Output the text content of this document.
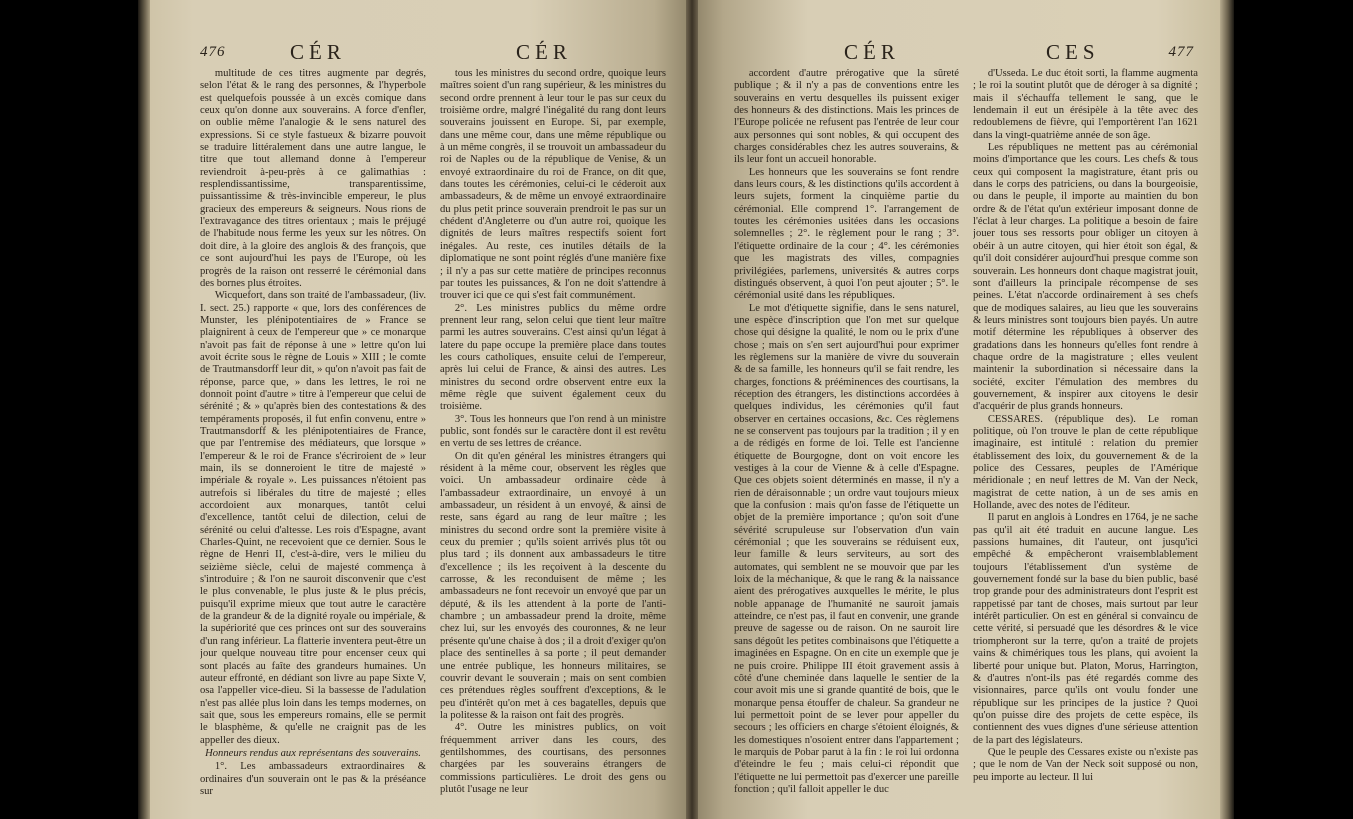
476	CÉR	CÉR

multitude de ces titres augmente par degrés, selon l'état & le rang des personnes, & l'hyperbole est quelquefois poussée à un excès comique dans ceux qu'on donne aux souverains. A force d'enfler, on oublie même l'analogie & le sens naturel des expressions. Si ce style fastueux & bizarre pouvoit se traduire littéralement dans une autre langue, le titre que tout allemand donne à l'empereur reviendroit à-peu-près à ce galimathias : resplendissantissime, transparentissime, puissantissime & très-invincible empereur, le plus gracieux des empereurs & seigneurs. Nous rions de l'extravagance des titres orientaux ; mais le préjugé de l'habitude nous ferme les yeux sur les nôtres. On doit dire, à la gloire des anglois & des françois, que ce sont aujourd'hui les pays de l'Europe, où les progrès de la raison ont resserré le cérémonial dans des bornes plus étroites.

Wicquefort, dans son traité de l'ambassadeur, (liv. I. sect. 25.) rapporte « que, lors des conférences de Munster, les plénipotentiaires de » France se plaignirent à ceux de l'empereur que » ce monarque n'avoit pas fait de réponse à une » lettre qu'on lui avoit écrite sous le règne de Louis » XIII ; le comte de Trautmansdorff leur dit, » qu'on n'avoit pas fait de réponse, parce que, » dans les lettres, le roi ne donnoit point d'autre » titre à l'empereur que celui de sérénité ; & » qu'après bien des contestations & des tempéraments proposés, il fut enfin convenu, entre » Trautmansdorff & les plénipotentiaires de France, que par l'entremise des médiateurs, que lorsque » l'empereur & le roi de France s'écriroient de » leur main, ils se donneroient le titre de majesté » impériale & royale ». Les puissances n'étoient pas autrefois si libérales du titre de majesté ; elles accordoient aux monarques, tantôt celui d'excellence, tantôt celui de dilection, celui de sérénité ou celui d'altesse. Les rois d'Espagne, avant Charles-Quint, ne recevoient que ce dernier. Sous le règne de Henri II, c'est-à-dire, vers le milieu du seizième siècle, celui de majesté commença à s'introduire ; & l'on ne sauroit disconvenir que c'est le plus convenable, le plus juste & le plus précis, puisqu'il exprime mieux que tout autre le caractère de la grandeur & de la dignité royale ou impériale, & la supériorité que ces princes ont sur des souverains d'un rang inférieur. La flatterie inventera peut-être un jour quelque nouveau titre pour encenser ceux qui sont placés au faîte des grandeurs humaines. Un auteur effronté, en dédiant son livre au pape Sixte V, osa l'appeller vice-dieu. Si la bassesse de l'adulation n'est pas allée plus loin dans les temps modernes, on sait que, sous les empereurs romains, elle se permit le blasphème, & qu'elle ne craignit pas de les appeller des dieux.

Honneurs rendus aux représentans des souverains.

1°. Les ambassadeurs extraordinaires & ordinaires d'un souverain ont le pas & la préséance sur

tous les ministres du second ordre, quoique leurs maîtres soient d'un rang supérieur, & les ministres du second ordre prennent à leur tour le pas sur ceux du troisième ordre, malgré l'inégalité du rang dont leurs souverains jouissent en Europe. Si, par exemple, dans une même cour, dans une même république ou à un même congrès, il se trouvoit un ambassadeur du roi de Naples ou de la république de Venise, & un envoyé extraordinaire du roi de France, on dit que, dans toutes les cérémonies, celui-ci le céderoit aux ambassadeurs, & de même un envoyé extraordinaire du plus petit prince souverain prendroit le pas sur un chédent d'Angleterre ou d'un autre roi, quoique les dignités de leurs maîtres respectifs soient fort inégales. Au reste, ces inutiles détails de la diplomatique ne sont point réglés d'une manière fixe ; il n'y a pas sur cette matière de principes reconnus par toutes les puissances, & l'on ne doit s'attendre à trouver ici que ce qui s'est fait communément.

2°. Les ministres publics du même ordre prennent leur rang, selon celui que tient leur maître parmi les autres souverains. C'est ainsi qu'un légat à latere du pape occupe la première place dans toutes les cours catholiques, ensuite celui de l'empereur, après lui celui de France, & ainsi des autres. Les ministres du second ordre observent entre eux la même règle que suivent également ceux du troisième.

3°. Tous les honneurs que l'on rend à un ministre public, sont fondés sur le caractère dont il est revêtu en vertu de ses lettres de créance.

On dit qu'en général les ministres étrangers qui résident à la même cour, observent les règles que voici. Un ambassadeur ordinaire cède à l'ambassadeur extraordinaire, un envoyé à un ambassadeur, un résident à un envoyé, & ainsi de reste, sans égard au rang de leur maître ; les ministres du second ordre sont la première visite à ceux du premier ; qu'ils soient arrivés plus tôt ou plus tard ; ils donnent aux ambassadeurs le titre d'excellence ; ils les reçoivent à la descente du carrosse, & les reconduisent de même ; les ambassadeurs ne font recevoir un envoyé que par un député, & ils les attendent à la porte de l'anti-chambre ; un ambassadeur prend la droite, même chez lui, sur les envoyés des couronnes, & ne leur présente qu'une chaise à dos ; il a droit d'exiger qu'on place des sentinelles à sa porte ; il peut demander une entrée publique, les honneurs militaires, se couvrir devant le souverain ; mais on sent combien ces prétendues règles souffrent d'exceptions, & le peu d'intérêt qu'on met à ces bagatelles, depuis que la politesse & la raison ont fait des progrès.

4°. Outre les ministres publics, on voit fréquemment arriver dans les cours, des gentilshommes, des courtisans, des personnes chargées par les souverains étrangers de commissions particulières. Le droit des gens ou plutôt l'usage ne leur

CÉR	CES	477

accordent d'autre prérogative que la sûreté publique ; & il n'y a pas de conventions entre les souverains en vertu desquelles ils puissent exiger des honneurs & des distinctions. Mais les princes de l'Europe policée ne refusent pas l'entrée de leur cour aux personnes qui sont nobles, & qui occupent des charges considérables chez les autres souverains, & ils leur font un accueil honorable.

Les honneurs que les souverains se font rendre dans leurs cours, & les distinctions qu'ils accordent à leurs sujets, forment la cinquième partie du cérémonial. Elle comprend 1°. l'arrangement de toutes les cérémonies usitées dans les occasions solemnelles ; 2°. le règlement pour le rang ; 3°. l'étiquette ordinaire de la cour ; 4°. les cérémonies que les magistrats des villes, compagnies privilégiées, parlemens, universités & autres corps distingués observent, à quoi l'on peut ajouter ; 5°. le cérémonial usité dans les républiques.

Le mot d'étiquette signifie, dans le sens naturel, une espèce d'inscription que l'on met sur quelque chose qui désigne la qualité, le nom ou le prix d'une chose ; mais on s'en sert aujourd'hui pour exprimer les règlemens sur la manière de vivre du souverain & de sa famille, les honneurs qu'il se fait rendre, les charges, fonctions & prééminences des courtisans, la réception des étrangers, les distinctions accordées à quelques individus, les cérémonies qu'il faut observer en certaines occasions, &c. Ces règlemens ne se conservent pas toujours par la tradition ; il y en a de rédigés en forme de loi. Telle est l'ancienne étiquette de Bourgogne, dont on voit encore les vestiges à la cour de Vienne & à celle d'Espagne. Que ces objets soient déterminés en masse, il n'y a rien de déraisonnable ; un ordre vaut toujours mieux que la confusion : mais qu'on fasse de l'étiquette un objet de la première importance ; qu'on soit d'une sévérité scrupuleuse sur l'observation d'un vain cérémonial ; que les souverains se réduisent eux, leur famille & leurs serviteurs, au sort des automates, qui semblent ne se mouvoir que par les loix de la méchanique, & que le rang & la naissance aient des prérogatives auxquelles le mérite, le plus noble appanage de l'humanité ne sauroit jamais atteindre, ce n'est pas, il faut en convenir, une grande preuve de sagesse ou de raison. On ne sauroit lire sans dégoût les petites combinaisons que l'étiquette a imaginées en Espagne. On en cite un exemple que je ne puis croire. Philippe III étoit gravement assis à côté d'une cheminée dans laquelle le sentier de la cour avoit mis une si grande quantité de bois, que le monarque pensa étouffer de chaleur. Sa grandeur ne lui permettoit point de se lever pour appeller du secours ; les officiers en charge s'étoient éloignés, & les domestiques n'osoient entrer dans l'appartement ; le marquis de Pobar parut à la fin : le roi lui ordonna d'éteindre le feu ; mais celui-ci répondit que l'étiquette ne lui permettoit pas d'exercer une pareille fonction ; qu'il falloit appeller le duc

d'Usseda. Le duc étoit sorti, la flamme augmenta ; le roi la soutint plutôt que de déroger à sa dignité ; mais il s'échauffa tellement le sang, que le lendemain il eut un érésipèle à la tête avec des redoublemens de fièvre, qui l'emportèrent l'an 1621 dans la vingt-quatrième année de son âge.

Les républiques ne mettent pas au cérémonial moins d'importance que les cours. Les chefs & tous ceux qui composent la magistrature, étant pris ou dans le corps des patriciens, ou dans la bourgeoisie, ou dans le peuple, il importe au maintien du bon ordre & de l'état qu'un extérieur imposant donne de l'éclat à leur charges. La politique a besoin de faire jouer tous ses ressorts pour obliger un citoyen à obéir à un autre citoyen, qui hier étoit son égal, & qu'il doit considérer aujourd'hui presque comme son souverain. Les honneurs dont chaque magistrat jouit, sont d'ailleurs la principale récompense de ses peines. L'état n'accorde ordinairement à ses chefs que de modiques salaires, au lieu que les souverains & leurs ministres sont toujours bien payés. Un autre motif détermine les républiques à observer des gradations dans les honneurs qu'elles font rendre à chaque ordre de la magistrature ; elles veulent maintenir la subordination si nécessaire dans la société, exciter l'émulation des membres du gouvernement, & inspirer aux citoyens le desir d'acquérir de plus grands honneurs.

CESSARES. (république des). Le roman politique, où l'on trouve le plan de cette république imaginaire, est intitulé : relation du premier établissement des loix, du gouvernement & de la police des Cessares, peuples de l'Amérique méridionale ; en neuf lettres de M. Van der Neck, magistrat de cette nation, à un de ses amis en Hollande, avec des notes de l'éditeur.

Il parut en anglois à Londres en 1764, je ne sache pas qu'il ait été traduit en aucune langue. Les passions humaines, dit l'auteur, ont jusqu'ici empêché & empêcheront vraisemblablement toujours l'établissement d'un système de gouvernement fondé sur la base du bien public, basé trop grande pour des administrateurs dont l'esprit est rappetissé par tant de choses, mais surtout par leur intérêt particulier. On est en général si convaincu de cette vérité, si persuadé que les désordres & le vice triompheront sur la terre, qu'on a traité de projets vains & chimériques tous les plans, qui avoient la liberté pour unique but. Platon, Morus, Harrington, & d'autres n'ont-ils pas été regardés comme des visionnaires, parce qu'ils ont voulu fonder une république sur les principes de la justice ? Quoi qu'on puisse dire des projets de cette espèce, ils contiennent des vues dignes d'une sérieuse attention de la part des législateurs.

Que le peuple des Cessares existe ou n'existe pas ; que le nom de Van der Neck soit supposé ou non, peu importe au lecteur. Il lui
